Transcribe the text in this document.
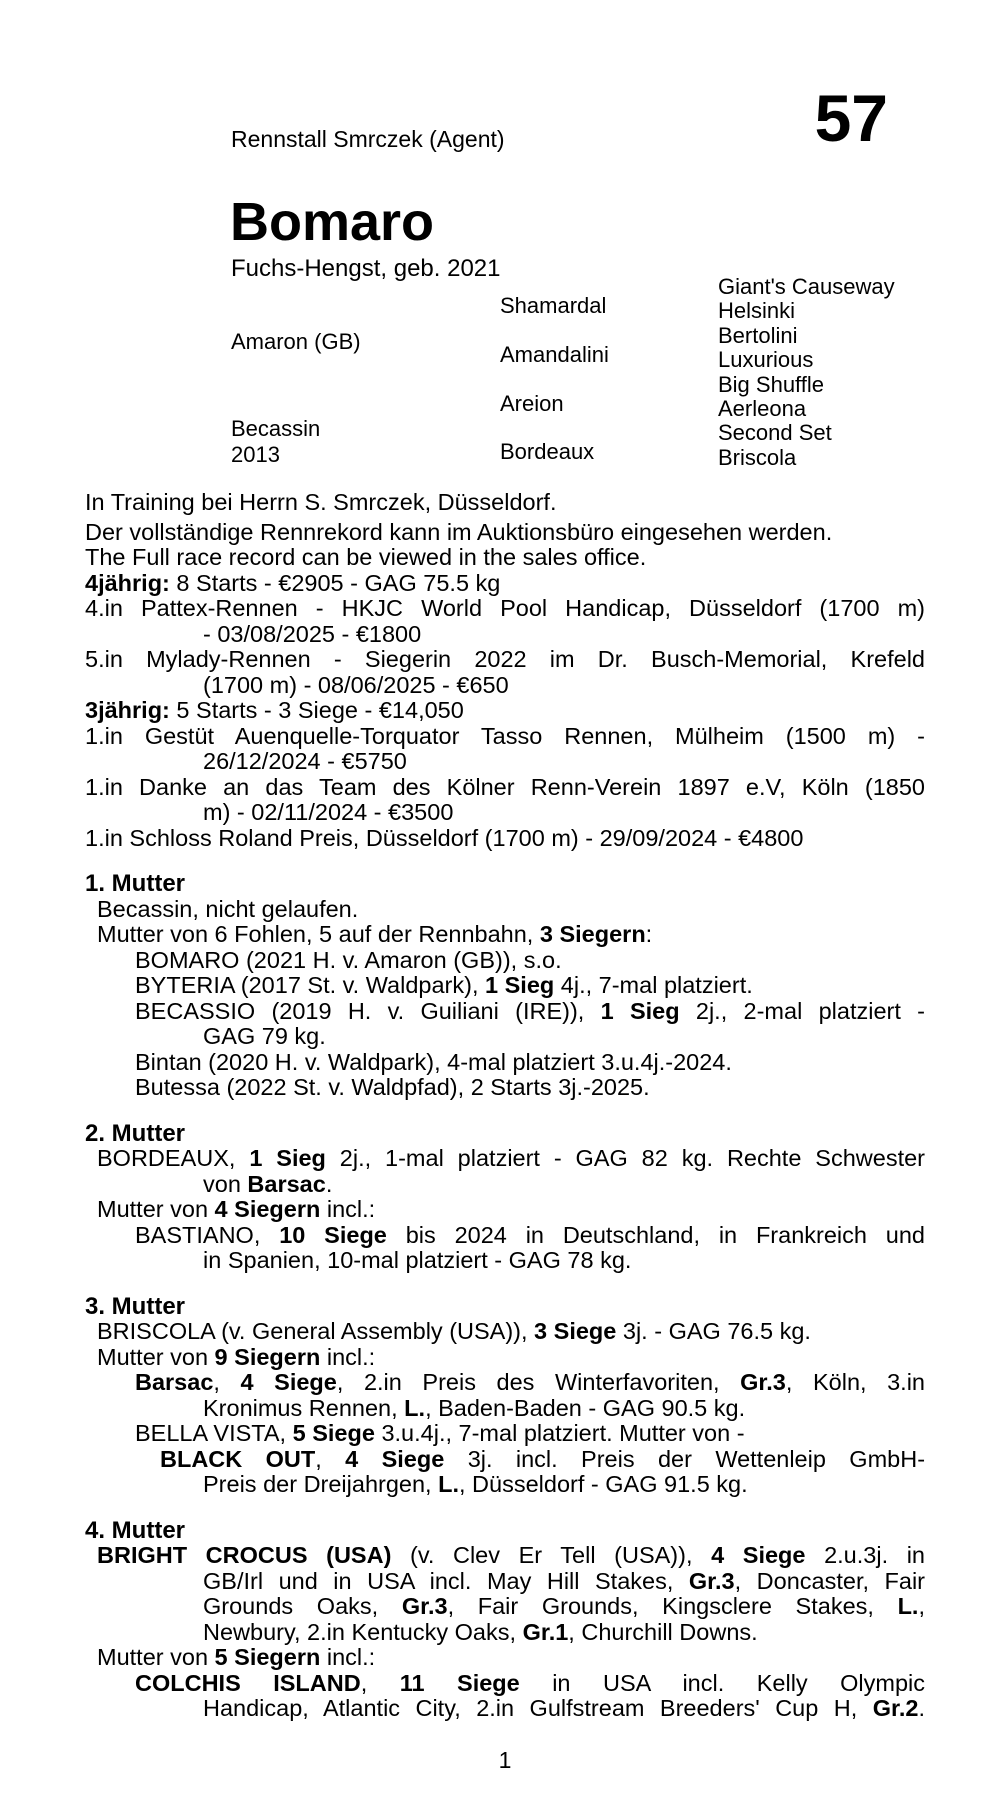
Rennstall Smrczek (Agent)	57
Bomaro
Fuchs-Hengst, geb. 2021
Amaron (GB)
Becassin
2013
Shamardal
Amandalini
Areion
Bordeaux
Giant's Causeway
Helsinki
Bertolini
Luxurious
Big Shuffle
Aerleona
Second Set
Briscola
In Training bei Herrn S. Smrczek, Düsseldorf.
Der vollständige Rennrekord kann im Auktionsbüro eingesehen werden.
The Full race record can be viewed in the sales office.
4jährig: 8 Starts - €2905 - GAG 75.5 kg
4.in Pattex-Rennen - HKJC World Pool Handicap, Düsseldorf (1700 m)
- 03/08/2025 - €1800
5.in Mylady-Rennen - Siegerin 2022 im Dr. Busch-Memorial, Krefeld
(1700 m) - 08/06/2025 - €650
3jährig: 5 Starts - 3 Siege - €14,050
1.in Gestüt Auenquelle-Torquator Tasso Rennen, Mülheim (1500 m) -
26/12/2024 - €5750
1.in Danke an das Team des Kölner Renn-Verein 1897 e.V, Köln (1850
m) - 02/11/2024 - €3500
1.in Schloss Roland Preis, Düsseldorf (1700 m) - 29/09/2024 - €4800
1. Mutter
Becassin, nicht gelaufen.
Mutter von 6 Fohlen, 5 auf der Rennbahn, 3 Siegern:
BOMARO (2021 H. v. Amaron (GB)), s.o.
BYTERIA (2017 St. v. Waldpark), 1 Sieg 4j., 7-mal platziert.
BECASSIO (2019 H. v. Guiliani (IRE)), 1 Sieg 2j., 2-mal platziert -
GAG 79 kg.
Bintan (2020 H. v. Waldpark), 4-mal platziert 3.u.4j.-2024.
Butessa (2022 St. v. Waldpfad), 2 Starts 3j.-2025.
2. Mutter
BORDEAUX, 1 Sieg 2j., 1-mal platziert - GAG 82 kg. Rechte Schwester
von Barsac.
Mutter von 4 Siegern incl.:
BASTIANO, 10 Siege bis 2024 in Deutschland, in Frankreich und
in Spanien, 10-mal platziert - GAG 78 kg.
3. Mutter
BRISCOLA (v. General Assembly (USA)), 3 Siege 3j. - GAG 76.5 kg.
Mutter von 9 Siegern incl.:
Barsac, 4 Siege, 2.in Preis des Winterfavoriten, Gr.3, Köln, 3.in
Kronimus Rennen, L., Baden-Baden - GAG 90.5 kg.
BELLA VISTA, 5 Siege 3.u.4j., 7-mal platziert. Mutter von -
BLACK OUT, 4 Siege 3j. incl. Preis der Wettenleip GmbH-
Preis der Dreijahrgen, L., Düsseldorf - GAG 91.5 kg.
4. Mutter
BRIGHT CROCUS (USA) (v. Clev Er Tell (USA)), 4 Siege 2.u.3j. in
GB/Irl und in USA incl. May Hill Stakes, Gr.3, Doncaster, Fair
Grounds Oaks, Gr.3, Fair Grounds, Kingsclere Stakes, L.,
Newbury, 2.in Kentucky Oaks, Gr.1, Churchill Downs.
Mutter von 5 Siegern incl.:
COLCHIS ISLAND, 11 Siege in USA incl. Kelly Olympic
Handicap, Atlantic City, 2.in Gulfstream Breeders' Cup H, Gr.2.
1
